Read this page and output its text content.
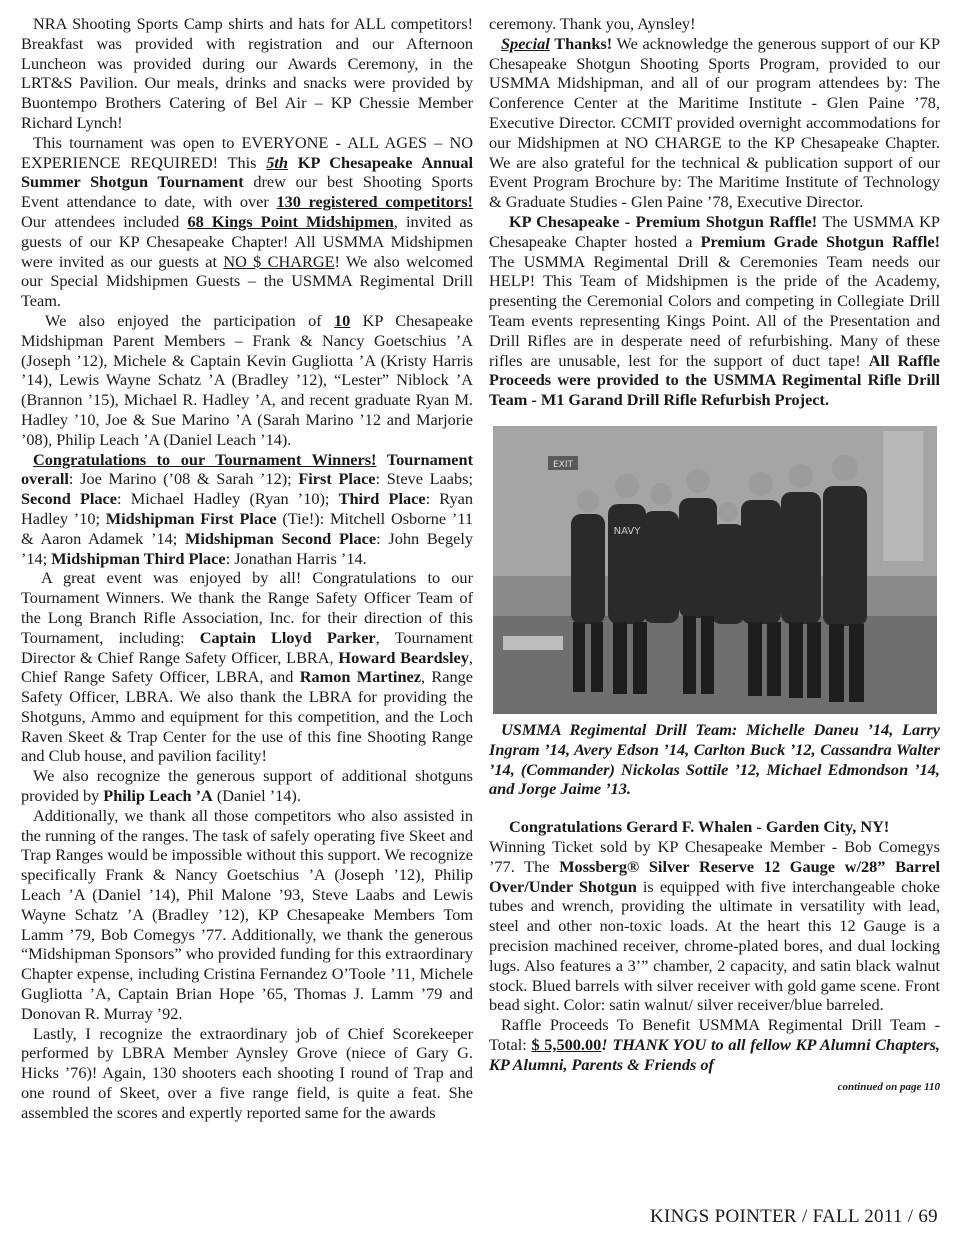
NRA Shooting Sports Camp shirts and hats for ALL competitors! Breakfast was provided with registration and our Afternoon Luncheon was provided during our Awards Ceremony, in the LRT&S Pavilion. Our meals, drinks and snacks were provided by Buontempo Brothers Catering of Bel Air – KP Chessie Member Richard Lynch!

This tournament was open to EVERYONE - ALL AGES – NO EXPERIENCE REQUIRED! This 5th KP Chesapeake Annual Summer Shotgun Tournament drew our best Shooting Sports Event attendance to date, with over 130 registered competitors! Our attendees included 68 Kings Point Midshipmen, invited as guests of our KP Chesapeake Chapter! All USMMA Midshipmen were invited as our guests at NO $ CHARGE! We also welcomed our Special Midshipmen Guests – the USMMA Regimental Drill Team.

We also enjoyed the participation of 10 KP Chesapeake Midshipman Parent Members – Frank & Nancy Goetschius ’A (Joseph ’12), Michele & Captain Kevin Gugliotta ’A (Kristy Harris ’14), Lewis Wayne Schatz ’A (Bradley ’12), “Lester” Niblock ’A (Brannon ’15), Michael R. Hadley ’A, and recent graduate Ryan M. Hadley ’10, Joe & Sue Marino ’A (Sarah Marino ’12 and Marjorie ’08), Philip Leach ’A (Daniel Leach ’14).

Congratulations to our Tournament Winners! Tournament overall: Joe Marino (’08 & Sarah ’12); First Place: Steve Laabs; Second Place: Michael Hadley (Ryan ’10); Third Place: Ryan Hadley ’10; Midshipman First Place (Tie!): Mitchell Osborne ’11 & Aaron Adamek ’14; Midshipman Second Place: John Begely ’14; Midshipman Third Place: Jonathan Harris ’14.

A great event was enjoyed by all! Congratulations to our Tournament Winners. We thank the Range Safety Officer Team of the Long Branch Rifle Association, Inc. for their direction of this Tournament, including: Captain Lloyd Parker, Tournament Director & Chief Range Safety Officer, LBRA, Howard Beardsley, Chief Range Safety Officer, LBRA, and Ramon Martinez, Range Safety Officer, LBRA. We also thank the LBRA for providing the Shotguns, Ammo and equipment for this competition, and the Loch Raven Skeet & Trap Center for the use of this fine Shooting Range and Club house, and pavilion facility!

We also recognize the generous support of additional shotguns provided by Philip Leach ’A (Daniel ’14).

Additionally, we thank all those competitors who also assisted in the running of the ranges. The task of safely operating five Skeet and Trap Ranges would be impossible without this support. We recognize specifically Frank & Nancy Goetschius ’A (Joseph ’12), Philip Leach ’A (Daniel ’14), Phil Malone ’93, Steve Laabs and Lewis Wayne Schatz ’A (Bradley ’12), KP Chesapeake Members Tom Lamm ’79, Bob Comegys ’77. Additionally, we thank the generous “Midshipman Sponsors” who provided funding for this extraordinary Chapter expense, including Cristina Fernandez O’Toole ’11, Michele Gugliotta ’A, Captain Brian Hope ’65, Thomas J. Lamm ’79 and Donovan R. Murray ’92.

Lastly, I recognize the extraordinary job of Chief Scorekeeper performed by LBRA Member Aynsley Grove (niece of Gary G. Hicks ’76)! Again, 130 shooters each shooting I round of Trap and one round of Skeet, over a five range field, is quite a feat. She assembled the scores and expertly reported same for the awards

ceremony. Thank you, Aynsley!

Special Thanks! We acknowledge the generous support of our KP Chesapeake Shotgun Shooting Sports Program, provided to our USMMA Midshipman, and all of our program attendees by: The Conference Center at the Maritime Institute - Glen Paine ’78, Executive Director. CCMIT provided overnight accommodations for our Midshipmen at NO CHARGE to the KP Chesapeake Chapter. We are also grateful for the technical & publication support of our Event Program Brochure by: The Maritime Institute of Technology & Graduate Studies - Glen Paine ’78, Executive Director.

KP Chesapeake - Premium Shotgun Raffle! The USMMA KP Chesapeake Chapter hosted a Premium Grade Shotgun Raffle! The USMMA Regimental Drill & Ceremonies Team needs our HELP! This Team of Midshipmen is the pride of the Academy, presenting the Ceremonial Colors and competing in Collegiate Drill Team events representing Kings Point. All of the Presentation and Drill Rifles are in desperate need of refurbishing. Many of these rifles are unusable, lest for the support of duct tape! All Raffle Proceeds were provided to the USMMA Regimental Rifle Drill Team - M1 Garand Drill Rifle Refurbish Project.

EXIT
NAVY

USMMA Regimental Drill Team: Michelle Daneu ’14, Larry Ingram ’14, Avery Edson ’14, Carlton Buck ’12, Cassandra Walter ’14, (Commander) Nickolas Sottile ’12, Michael Edmondson ’14, and Jorge Jaime ’13.

Congratulations Gerard F. Whalen - Garden City, NY!

Winning Ticket sold by KP Chesapeake Member - Bob Comegys ’77. The Mossberg® Silver Reserve 12 Gauge w/28” Barrel Over/Under Shotgun is equipped with five interchangeable choke tubes and wrench, providing the ultimate in versatility with lead, steel and other non-toxic loads. At the heart this 12 Gauge is a precision machined receiver, chrome-plated bores, and dual locking lugs. Also features a 3’” chamber, 2 capacity, and satin black walnut stock. Blued barrels with silver receiver with gold game scene. Front bead sight. Color: satin walnut/ silver receiver/blue barreled.

Raffle Proceeds To Benefit USMMA Regimental Drill Team -Total: $ 5,500.00! THANK YOU to all fellow KP Alumni Chapters, KP Alumni, Parents & Friends of

continued on page 110
KINGS POINTER / FALL 2011 / 69
